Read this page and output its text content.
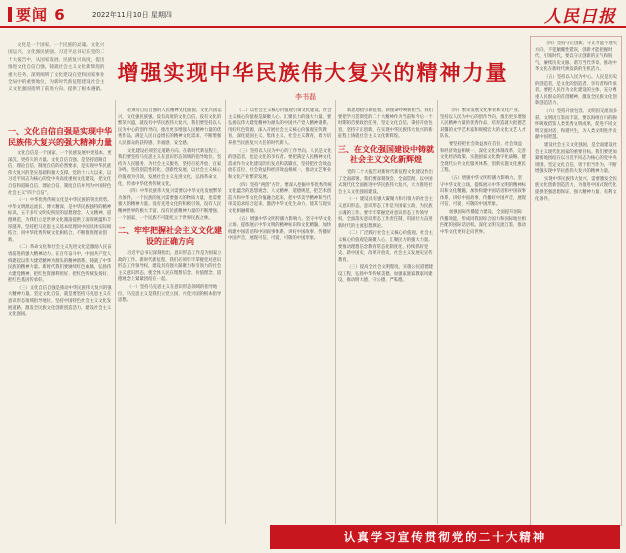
要闻 6	2022年11月10日 星期四	人民日报
文化是一个国家、一个民族的灵魂。文化兴国运兴，文化强民族强。习近平总书记在党的二十大报告中，从国家发展、民族复兴高度，提出推进文化自信自强，铸就社会主义文化新辉煌的重大任务，深刻阐明了文化建设在党和国家事业全局中的重要地位，为新时代新征程建设社会主义文化强国指明了前进方向、提供了根本遵循。
增强实现中华民族伟大复兴的精神力量
李书磊
一、文化自信自强是实现中华民族伟大复兴的强大精神力量

文化自信是一个国家、一个民族发展中更基本、更深沉、更持久的力量。文化自信自强，是坚持道路自信、理论自信、制度自信的必然要求，是实现中华民族伟大复兴的坚实基础和强大支撑。党的十八大以来，以习近平同志为核心的党中央高度重视文化建设，把文化自信和道路自信、理论自信、制度自信并列为中国特色社会主义“四个自信”。

（一）中华优秀传统文化是中华民族的突出优势。中华文明源远流长、博大精深，是中华民族独特的精神标识。五千多年文明史积淀的思想理念、人文精神、道德规范，为我们立足世界文化激荡提供了深厚底蕴和丰厚滋养。坚持把马克思主义基本原理同中国具体实际相结合、同中华优秀传统文化相结合，不断推进理论创新。

（二）革命文化和社会主义先进文化是激励人民奋勇前进的强大精神动力。在百年奋斗中，中国共产党人构建起以伟大建党精神为源头的精神谱系，铸就了中华民族的精神力量。新时代我们要赓续红色血脉，弘扬伟大建党精神，把红色资源利用好、把红色传统发扬好、把红色基因传承好。

（三）文化自信自强是推动中华民族伟大复兴的强大精神力量。坚定文化自信，就是要坚持马克思主义在意识形态领域指导地位，坚持中国特色社会主义文化发展道路，激发全民族文化创新创造活力，建设社会主义文化强国。

必须有自信自强的人民精神文化面貌。文化兴国运兴，文化强民族强。没有高度的文化自信，没有文化的繁荣兴盛，就没有中华民族伟大复兴。我们要坚持以人民为中心的创作导向，推出更多增强人民精神力量的优秀作品，满足人民日益增长的精神文化需求，不断增强人民群众的获得感、幸福感、安全感。

文化建设必须坚定道路方向。在新时代新征程上，我们要坚持马克思主义在意识形态领域的指导地位，坚持为人民服务、为社会主义服务，坚持百花齐放、百家争鸣，坚持创造性转化、创新性发展，以社会主义核心价值观为引领，发展社会主义先进文化，弘扬革命文化，传承中华优秀传统文化。

（四）中华民族伟大复兴需要以中华文化发展繁荣为条件。一个民族的复兴需要强大的物质力量，也需要强大的精神力量。没有先进文化的积极引领，没有人民精神世界的极大丰富，没有民族精神力量的不断增强，一个国家、一个民族不可能屹立于世界民族之林。

二、牢牢把握社会主义文化建设的正确方向

习近平总书记深刻指出，意识形态工作是为国家立政的工作。新时代新征程，我们必须牢牢掌握党对意识形态工作领导权，建设具有强大凝聚力和引领力的社会主义意识形态，使全体人民在理想信念、价值理念、道德观念上紧紧团结在一起。

（一）坚持马克思主义在意识形态领域的指导地位。马克思主义是我们立党立国、兴党兴国的根本指导思想。

（二）以社会主义核心价值观引领文化建设。社会主义核心价值观是凝聚人心、汇聚民力的强大力量。要弘扬以伟大建党精神为源头的中国共产党人精神谱系，用好红色资源，深入开展社会主义核心价值观宣传教育，深化爱国主义、集体主义、社会主义教育，着力培养担当民族复兴大任的时代新人。

（三）坚持以人民为中心的工作导向。人民是文化的创造者，也是文化的享有者。要把满足人民精神文化需求作为文化建设的出发点和落脚点，坚持把社会效益放在首位、社会效益和经济效益相统一，推动文艺事业和文化产业繁荣发展。

（四）坚持“两创”方针。要深入挖掘中华优秀传统文化蕴含的思想观念、人文精神、道德规范，把艺术创造力和中华文化价值融合起来，把中华美学精神和当代审美追求结合起来，激活中华文化生命力，使其与现实文化相融相通。

（五）增强中华文明传播力影响力。坚守中华文化立场，提炼展示中华文明的精神标识和文化精髓，加快构建中国话语和中国叙事体系，讲好中国故事、传播好中国声音，展现可信、可爱、可敬的中国形象。

新思想指引新征程，新使命呼唤新担当。我们要把学习贯彻党的二十大精神作为当前和今后一个时期的首要政治任务，坚定文化自信，秉持开放包容，坚持守正创新，在实现中华民族伟大复兴的新征程上铸就社会主义文化新辉煌。

三、在文化强国建设中铸就社会主义文化新辉煌

党的二十大报告对新时代新征程文化建设作出了全面部署。我们要深刻领会、全面贯彻，以中国式现代化全面推进中华民族伟大复兴，大力推进社会主义文化强国建设。

（一）建设具有强大凝聚力和引领力的社会主义意识形态。意识形态工作是为国家立政、为民族立魂的工作。要牢牢掌握党对意识形态工作领导权，全面落实意识形态工作责任制，巩固壮大奋进新时代的主流思想舆论。

（二）广泛践行社会主义核心价值观。社会主义核心价值观是凝聚人心、汇聚民力的强大力量。要推动理想信念教育常态化制度化，持续抓好党史、新中国史、改革开放史、社会主义发展史宣传教育。

（三）提高全社会文明程度。实施公民道德建设工程，弘扬中华传统美德，加强家庭家教家风建设，推动明大德、守公德、严私德。

（四）繁荣发展文化事业和文化产业。坚持以人民为中心的创作导向，推出更多增强人民精神力量的优秀作品，培育造就大批德艺双馨的文学艺术家和规模宏大的文化文艺人才队伍。

要坚持把社会效益放在首位、社会效益和经济效益相统一，深化文化体制改革，完善文化经济政策。实施国家文化数字化战略，健全现代公共文化服务体系，创新实施文化惠民工程。

（五）增强中华文明传播力影响力。坚守中华文化立场，提炼展示中华文明的精神标识和文化精髓，加快构建中国话语和中国叙事体系，讲好中国故事、传播好中国声音，展现可信、可爱、可敬的中国形象。

加强国际传播能力建设，全面提升国际传播效能，形成同我国综合国力和国际地位相匹配的国际话语权。深化文明交流互鉴，推动中华文化更好走向世界。

（四）坚持守正创新。守正才能不迷失方向、不犯颠覆性错误，创新才能把握时代、引领时代。要以守正创新的正气和锐气，赓续历史文脉、谱写当代华章，推动中华文化在新时代焕发新的生机活力。

（五）坚持以人民为中心。人民是历史的创造者，是文化的创造者、享有者和传承者。要把人民作为文化建设的主体，充分尊重人民群众的首创精神，激发全民族文化创新创造活力。

（六）坚持开放包容。文明因交流而多彩，文明因互鉴而丰富。要以海纳百川的胸怀吸收借鉴人类优秀文明成果，促进不同文明交流对话、和谐共生，为人类文明进步贡献中国智慧。

建设社会主义文化强国，是全面建设社会主义现代化国家的重要目标。我们要更加紧密地团结在以习近平同志为核心的党中央周围，坚定文化自信，勇于担当作为，不断增强实现中华民族伟大复兴的精神力量。

实现中华民族伟大复兴，需要激发全民族文化创新创造活力，为推进中国式现代化提供坚强思想保证、强大精神力量、有利文化条件。

认真学习宣传贯彻党的二十大精神
